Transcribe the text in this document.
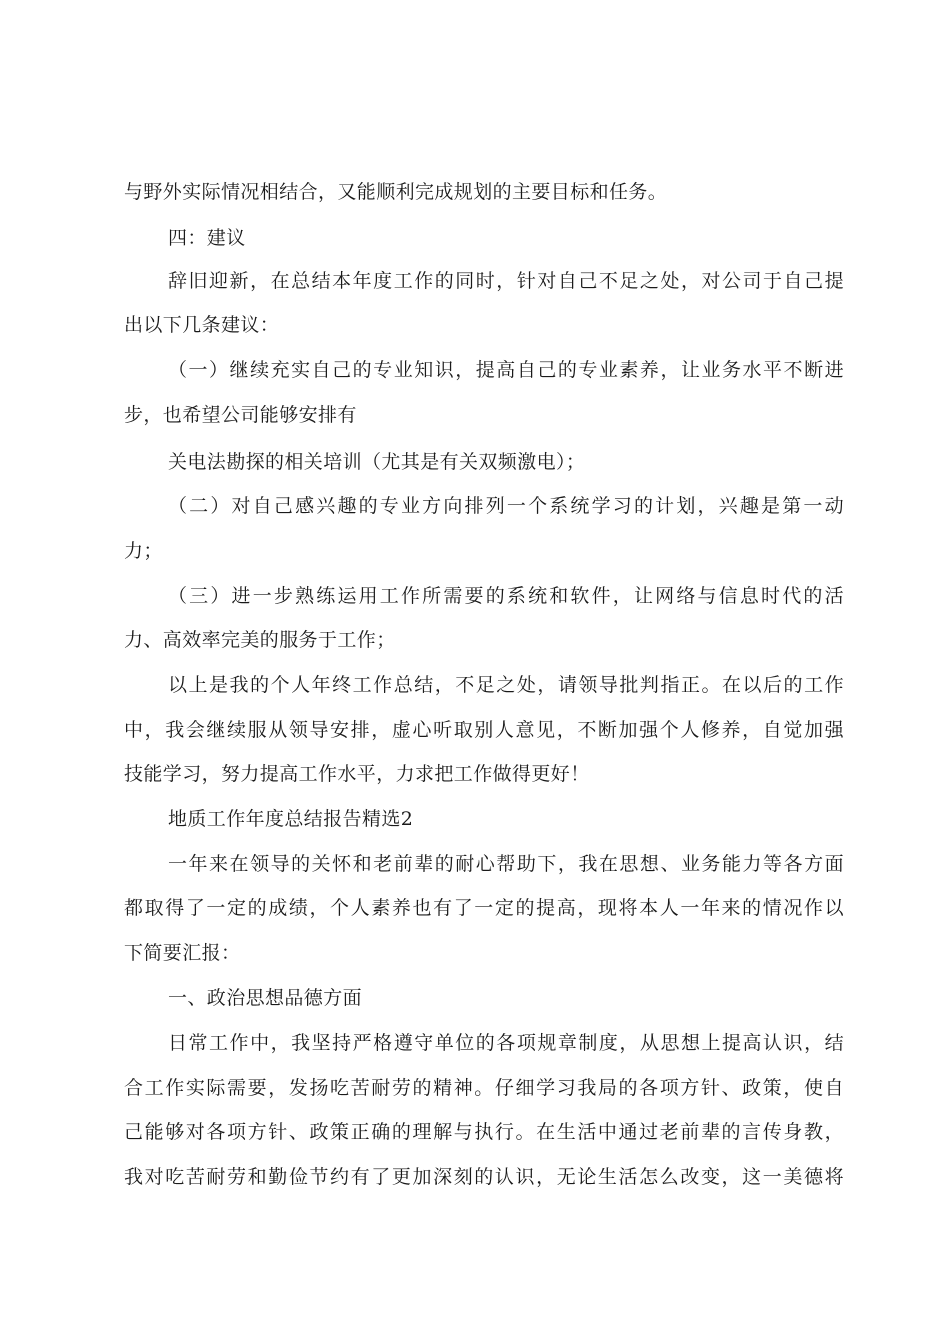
与野外实际情况相结合，又能顺利完成规划的主要目标和任务。
四：建议
辞旧迎新，在总结本年度工作的同时，针对自己不足之处，对公司于自己提
出以下几条建议：
（一）继续充实自己的专业知识，提高自己的专业素养，让业务水平不断进
步，也希望公司能够安排有
关电法勘探的相关培训（尤其是有关双频激电）；
（二）对自己感兴趣的专业方向排列一个系统学习的计划，兴趣是第一动
力；
（三）进一步熟练运用工作所需要的系统和软件，让网络与信息时代的活
力、高效率完美的服务于工作；
以上是我的个人年终工作总结，不足之处，请领导批判指正。在以后的工作
中，我会继续服从领导安排，虚心听取别人意见，不断加强个人修养，自觉加强
技能学习，努力提高工作水平，力求把工作做得更好！
地质工作年度总结报告精选2
一年来在领导的关怀和老前辈的耐心帮助下，我在思想、业务能力等各方面
都取得了一定的成绩，个人素养也有了一定的提高，现将本人一年来的情况作以
下简要汇报：
一、政治思想品德方面
日常工作中，我坚持严格遵守单位的各项规章制度，从思想上提高认识，结
合工作实际需要，发扬吃苦耐劳的精神。仔细学习我局的各项方针、政策，使自
己能够对各项方针、政策正确的理解与执行。在生活中通过老前辈的言传身教，
我对吃苦耐劳和勤俭节约有了更加深刻的认识，无论生活怎么改变，这一美德将
